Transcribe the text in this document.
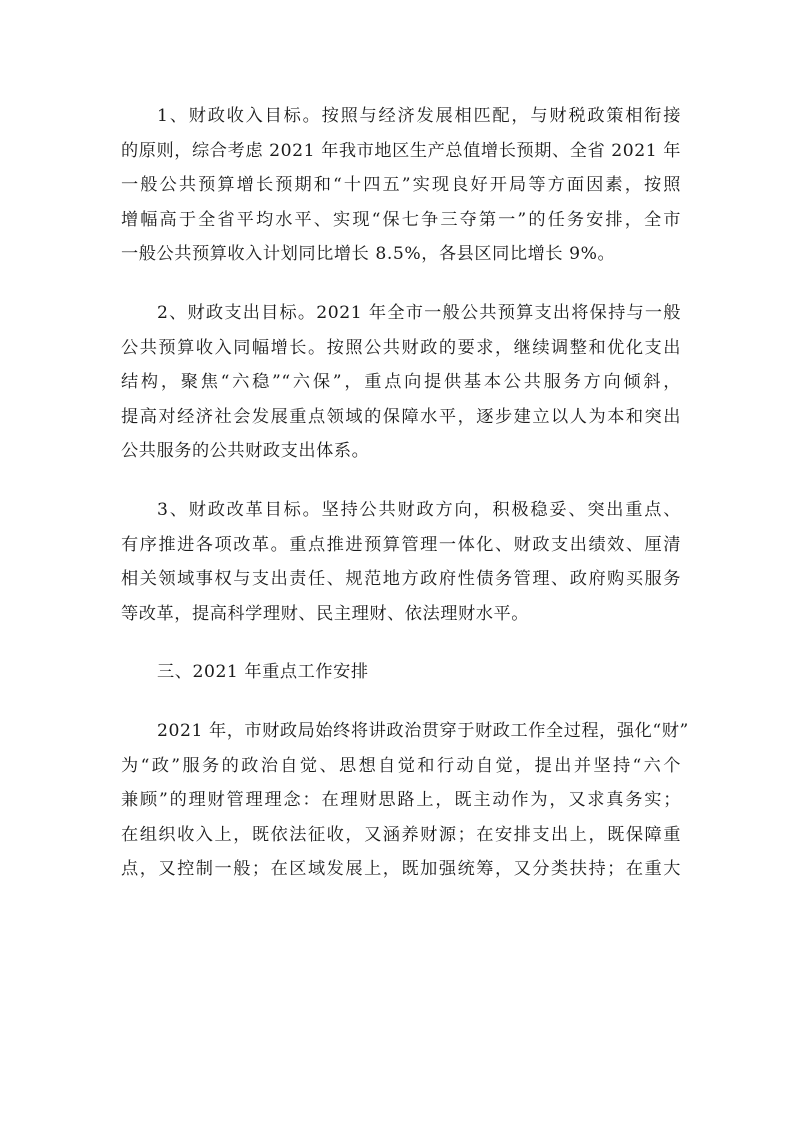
1、财政收入目标。按照与经济发展相匹配，与财税政策相衔接
的原则，综合考虑 2021 年我市地区生产总值增长预期、全省 2021 年
一般公共预算增长预期和“十四五”实现良好开局等方面因素，按照
增幅高于全省平均水平、实现“保七争三夺第一”的任务安排，全市
一般公共预算收入计划同比增长 8.5%，各县区同比增长 9%。

2、财政支出目标。2021 年全市一般公共预算支出将保持与一般
公共预算收入同幅增长。按照公共财政的要求，继续调整和优化支出
结构，聚焦“六稳”“六保”，重点向提供基本公共服务方向倾斜，
提高对经济社会发展重点领域的保障水平，逐步建立以人为本和突出
公共服务的公共财政支出体系。

3、财政改革目标。坚持公共财政方向，积极稳妥、突出重点、
有序推进各项改革。重点推进预算管理一体化、财政支出绩效、厘清
相关领域事权与支出责任、规范地方政府性债务管理、政府购买服务
等改革，提高科学理财、民主理财、依法理财水平。

三、2021 年重点工作安排

2021 年，市财政局始终将讲政治贯穿于财政工作全过程，强化“财”
为“政”服务的政治自觉、思想自觉和行动自觉，提出并坚持“六个
兼顾”的理财管理理念：在理财思路上，既主动作为，又求真务实；
在组织收入上，既依法征收，又涵养财源；在安排支出上，既保障重
点，又控制一般；在区域发展上，既加强统筹，又分类扶持；在重大
